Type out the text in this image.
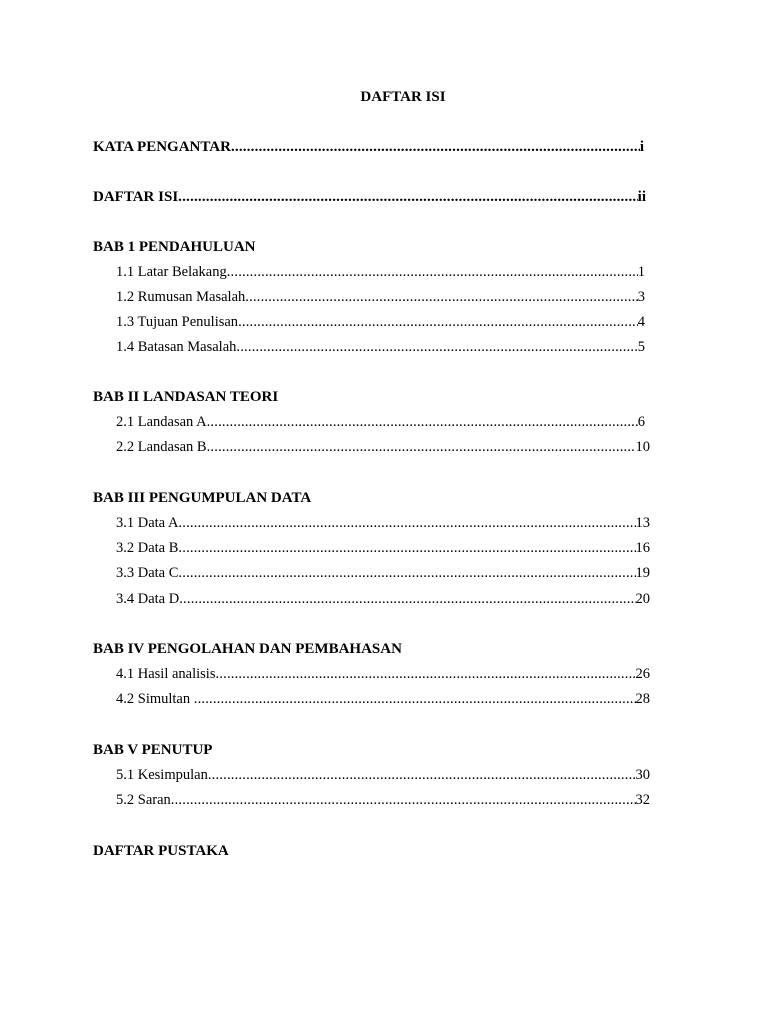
DAFTAR ISI
KATA PENGANTAR .....	i
DAFTAR ISI .....	ii
BAB 1 PENDAHULUAN
1.1 Latar Belakang .....	1
1.2 Rumusan Masalah .....	3
1.3 Tujuan Penulisan .....	4
1.4 Batasan Masalah .....	5
BAB II LANDASAN TEORI
2.1 Landasan A .....	6
2.2 Landasan B .....	10
BAB III PENGUMPULAN DATA
3.1 Data A .....	13
3.2 Data B .....	16
3.3 Data C .....	19
3.4 Data D .....	20
BAB IV PENGOLAHAN DAN PEMBAHASAN
4.1 Hasil analisis .....	26
4.2 Simultan .....	28
BAB V PENUTUP
5.1 Kesimpulan .....	30
5.2 Saran .....	32
DAFTAR PUSTAKA
